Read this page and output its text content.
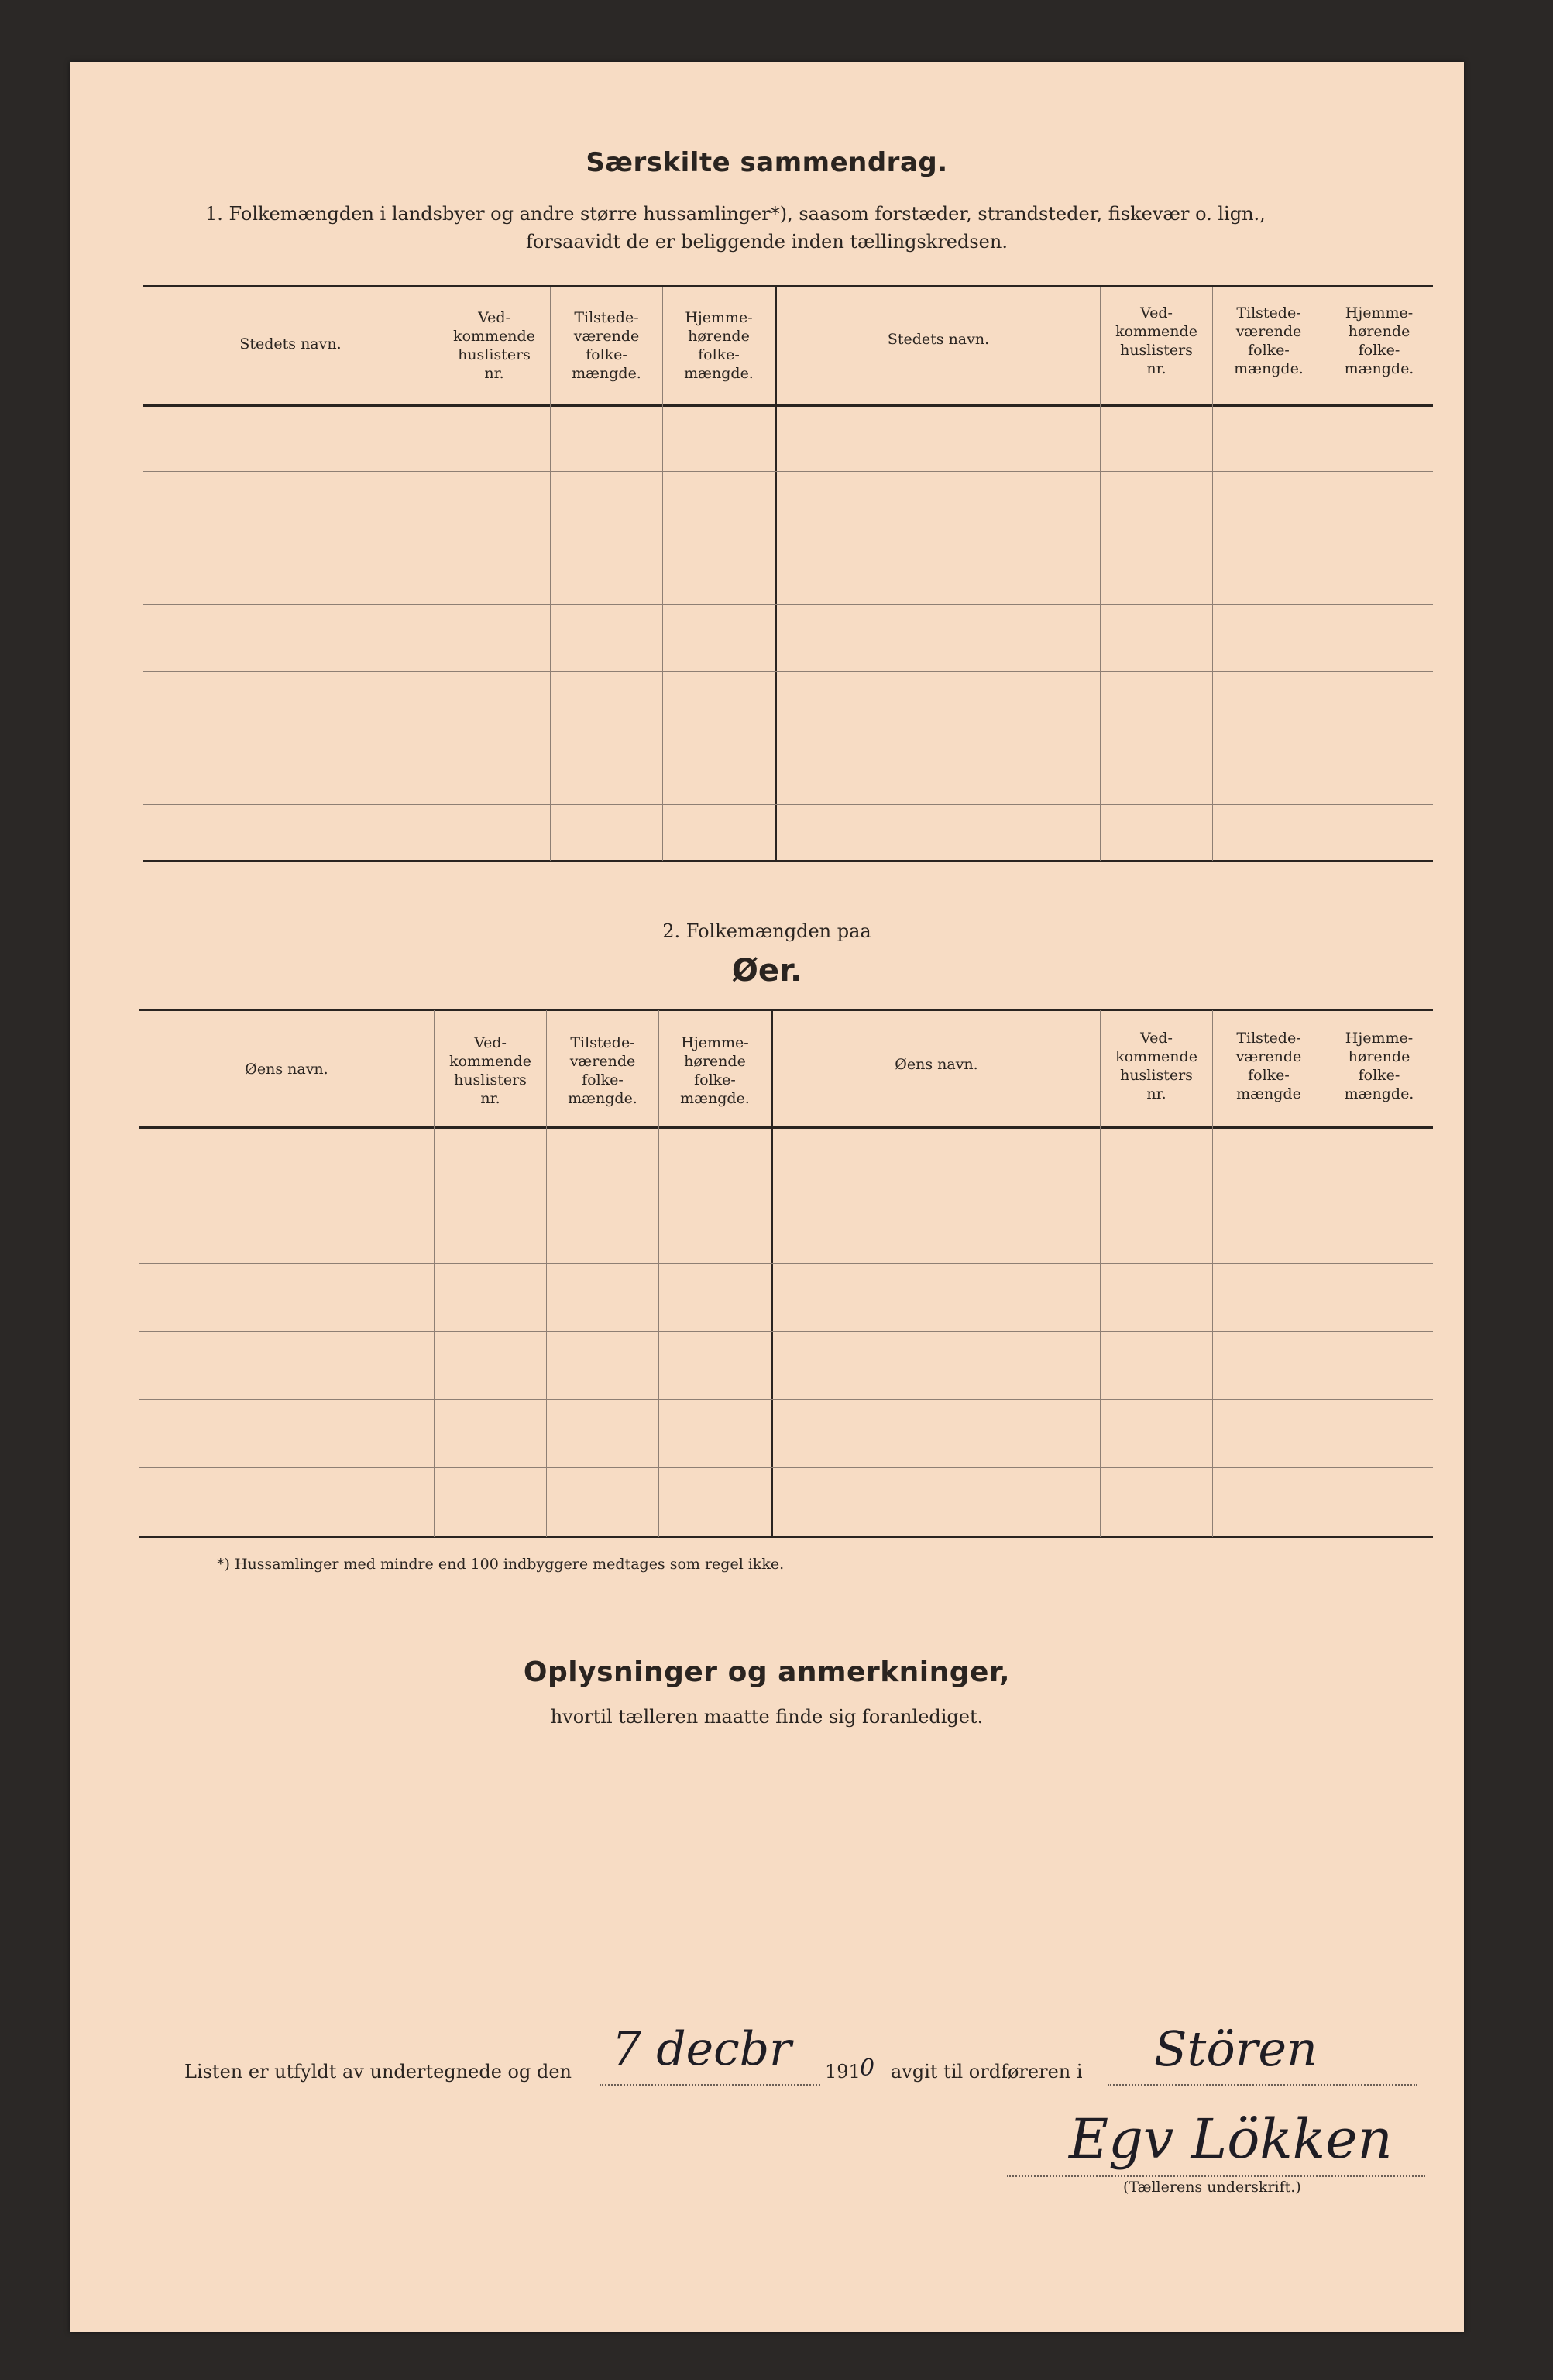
Særskilte sammendrag.
1. Folkemængden i landsbyer og andre større hussamlinger*), saasom forstæder, strandsteder, fiskevær o. lign.,
forsaavidt de er beliggende inden tællingskredsen.
Stedets navn.
Ved-
kommende
huslisters
nr.
Tilstede-
værende
folke-
mængde.
Hjemme-
hørende
folke-
mængde.
Stedets navn.
Ved-
kommende
huslisters
nr.
Tilstede-
værende
folke-
mængde.
Hjemme-
hørende
folke-
mængde.
2. Folkemængden paa
Øer.
Øens navn.
Ved-
kommende
huslisters
nr.
Tilstede-
værende
folke-
mængde.
Hjemme-
hørende
folke-
mængde.
Øens navn.
Ved-
kommende
huslisters
nr.
Tilstede-
værende
folke-
mængde
Hjemme-
hørende
folke-
mængde.
*) Hussamlinger med mindre end 100 indbyggere medtages som regel ikke.
Oplysninger og anmerkninger,
hvortil tælleren maatte finde sig foranlediget.
Listen er utfyldt av undertegnede og den 7 decbr 191 0 avgit til ordføreren i Stören
Egv Lökken
(Tællerens underskrift.)
